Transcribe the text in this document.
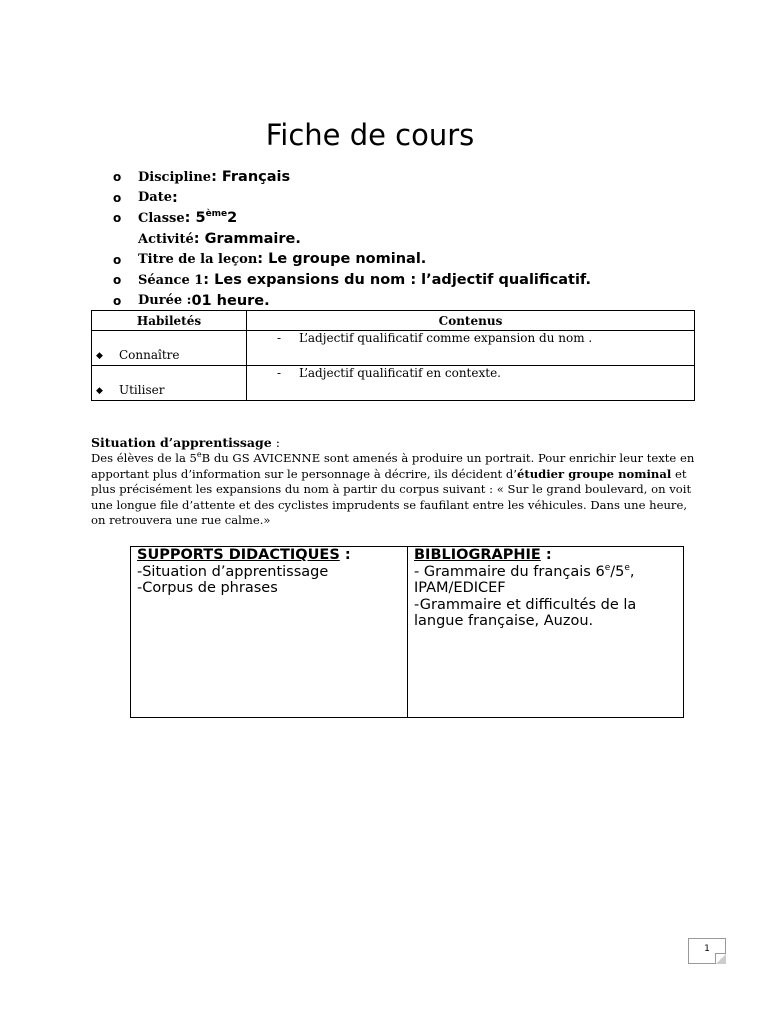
Fiche de cours
o	Discipline : Français
o	Date :
o	Classe : 5ème2
Activité : Grammaire.
o	Titre de la leçon : Le groupe nominal.
o	Séance 1 : Les expansions du nom : l’adjectif qualificatif.
o	Durée : 01 heure.
Habiletés	Contenus

◆ Connaître	- L’adjectif qualificatif comme expansion du nom .

◆ Utiliser	- L’adjectif qualificatif en contexte.
Situation d’apprentissage :
Des élèves de la 5eB du GS AVICENNE sont amenés à produire un portrait. Pour enrichir leur texte en apportant plus d’information sur le personnage à décrire, ils décident d’étudier groupe nominal et plus précisément les expansions du nom à partir du corpus suivant : « Sur le grand boulevard, on voit une longue file d’attente et des cyclistes imprudents se faufilant entre les véhicules. Dans une heure, on retrouvera une rue calme.»
SUPPORTS DIDACTIQUES :
-Situation d’apprentissage
-Corpus de phrases

BIBLIOGRAPHIE :
- Grammaire du français 6e/5e,
IPAM/EDICEF
-Grammaire et difficultés de la
langue française, Auzou.
1
